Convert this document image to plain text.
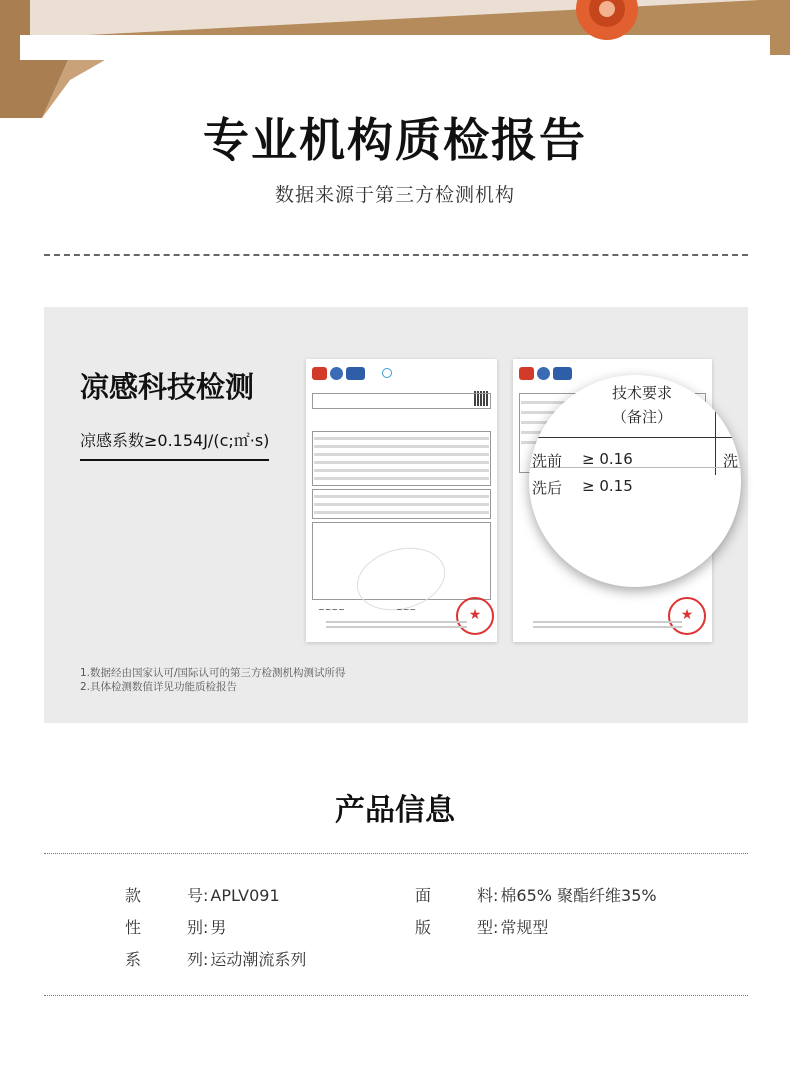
专业机构质检报告
数据来源于第三方检测机构
凉感科技检测
凉感系数≥0.154J/(c;㎡·s)
~~~~	~~~
★
★
技术要求
（备注）
洗前 ≥ 0.16
洗后 ≥ 0.15
洗
1.数据经由国家认可/国际认可的第三方检测机构测试所得
2.具体检测数值详见功能质检报告
产品信息
款号: APLV091	面料: 棉65% 聚酯纤维35%
性别: 男	版型: 常规型
系列: 运动潮流系列
